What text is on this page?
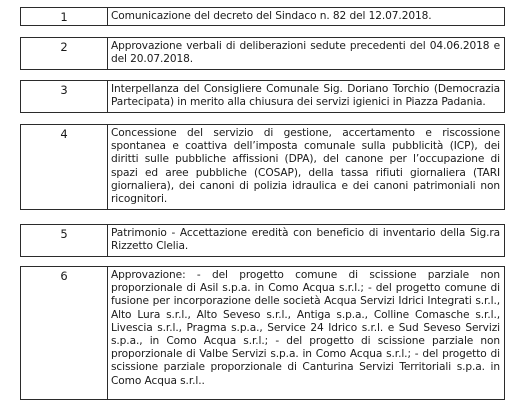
1	Comunicazione del decreto del Sindaco n. 82 del 12.07.2018.
2	Approvazione verbali di deliberazioni sedute precedenti del 04.06.2018 e del 20.07.2018.
3	Interpellanza del Consigliere Comunale Sig. Doriano Torchio (Democrazia Partecipata) in merito alla chiusura dei servizi igienici in Piazza Padania.
4	Concessione del servizio di gestione, accertamento e riscossione spontanea e coattiva dell’imposta comunale sulla pubblicità (ICP), dei diritti sulle pubbliche affissioni (DPA), del canone per l’occupazione di spazi ed aree pubbliche (COSAP), della tassa rifiuti giornaliera (TARI giornaliera), dei canoni di polizia idraulica e dei canoni patrimoniali non ricognitori.
5	Patrimonio - Accettazione eredità con beneficio di inventario della Sig.ra Rizzetto Clelia.
6	Approvazione: - del progetto comune di scissione parziale non proporzionale di Asil s.p.a. in Como Acqua s.r.l.; - del progetto comune di fusione per incorporazione delle società Acqua Servizi Idrici Integrati s.r.l., Alto Lura s.r.l., Alto Seveso s.r.l., Antiga s.p.a., Colline Comasche s.r.l., Livescia s.r.l., Pragma s.p.a., Service 24 Idrico s.r.l. e Sud Seveso Servizi s.p.a., in Como Acqua s.r.l.; - del progetto di scissione parziale non proporzionale di Valbe Servizi s.p.a. in Como Acqua s.r.l.; - del progetto di scissione parziale proporzionale di Canturina Servizi Territoriali s.p.a. in Como Acqua s.r.l..
